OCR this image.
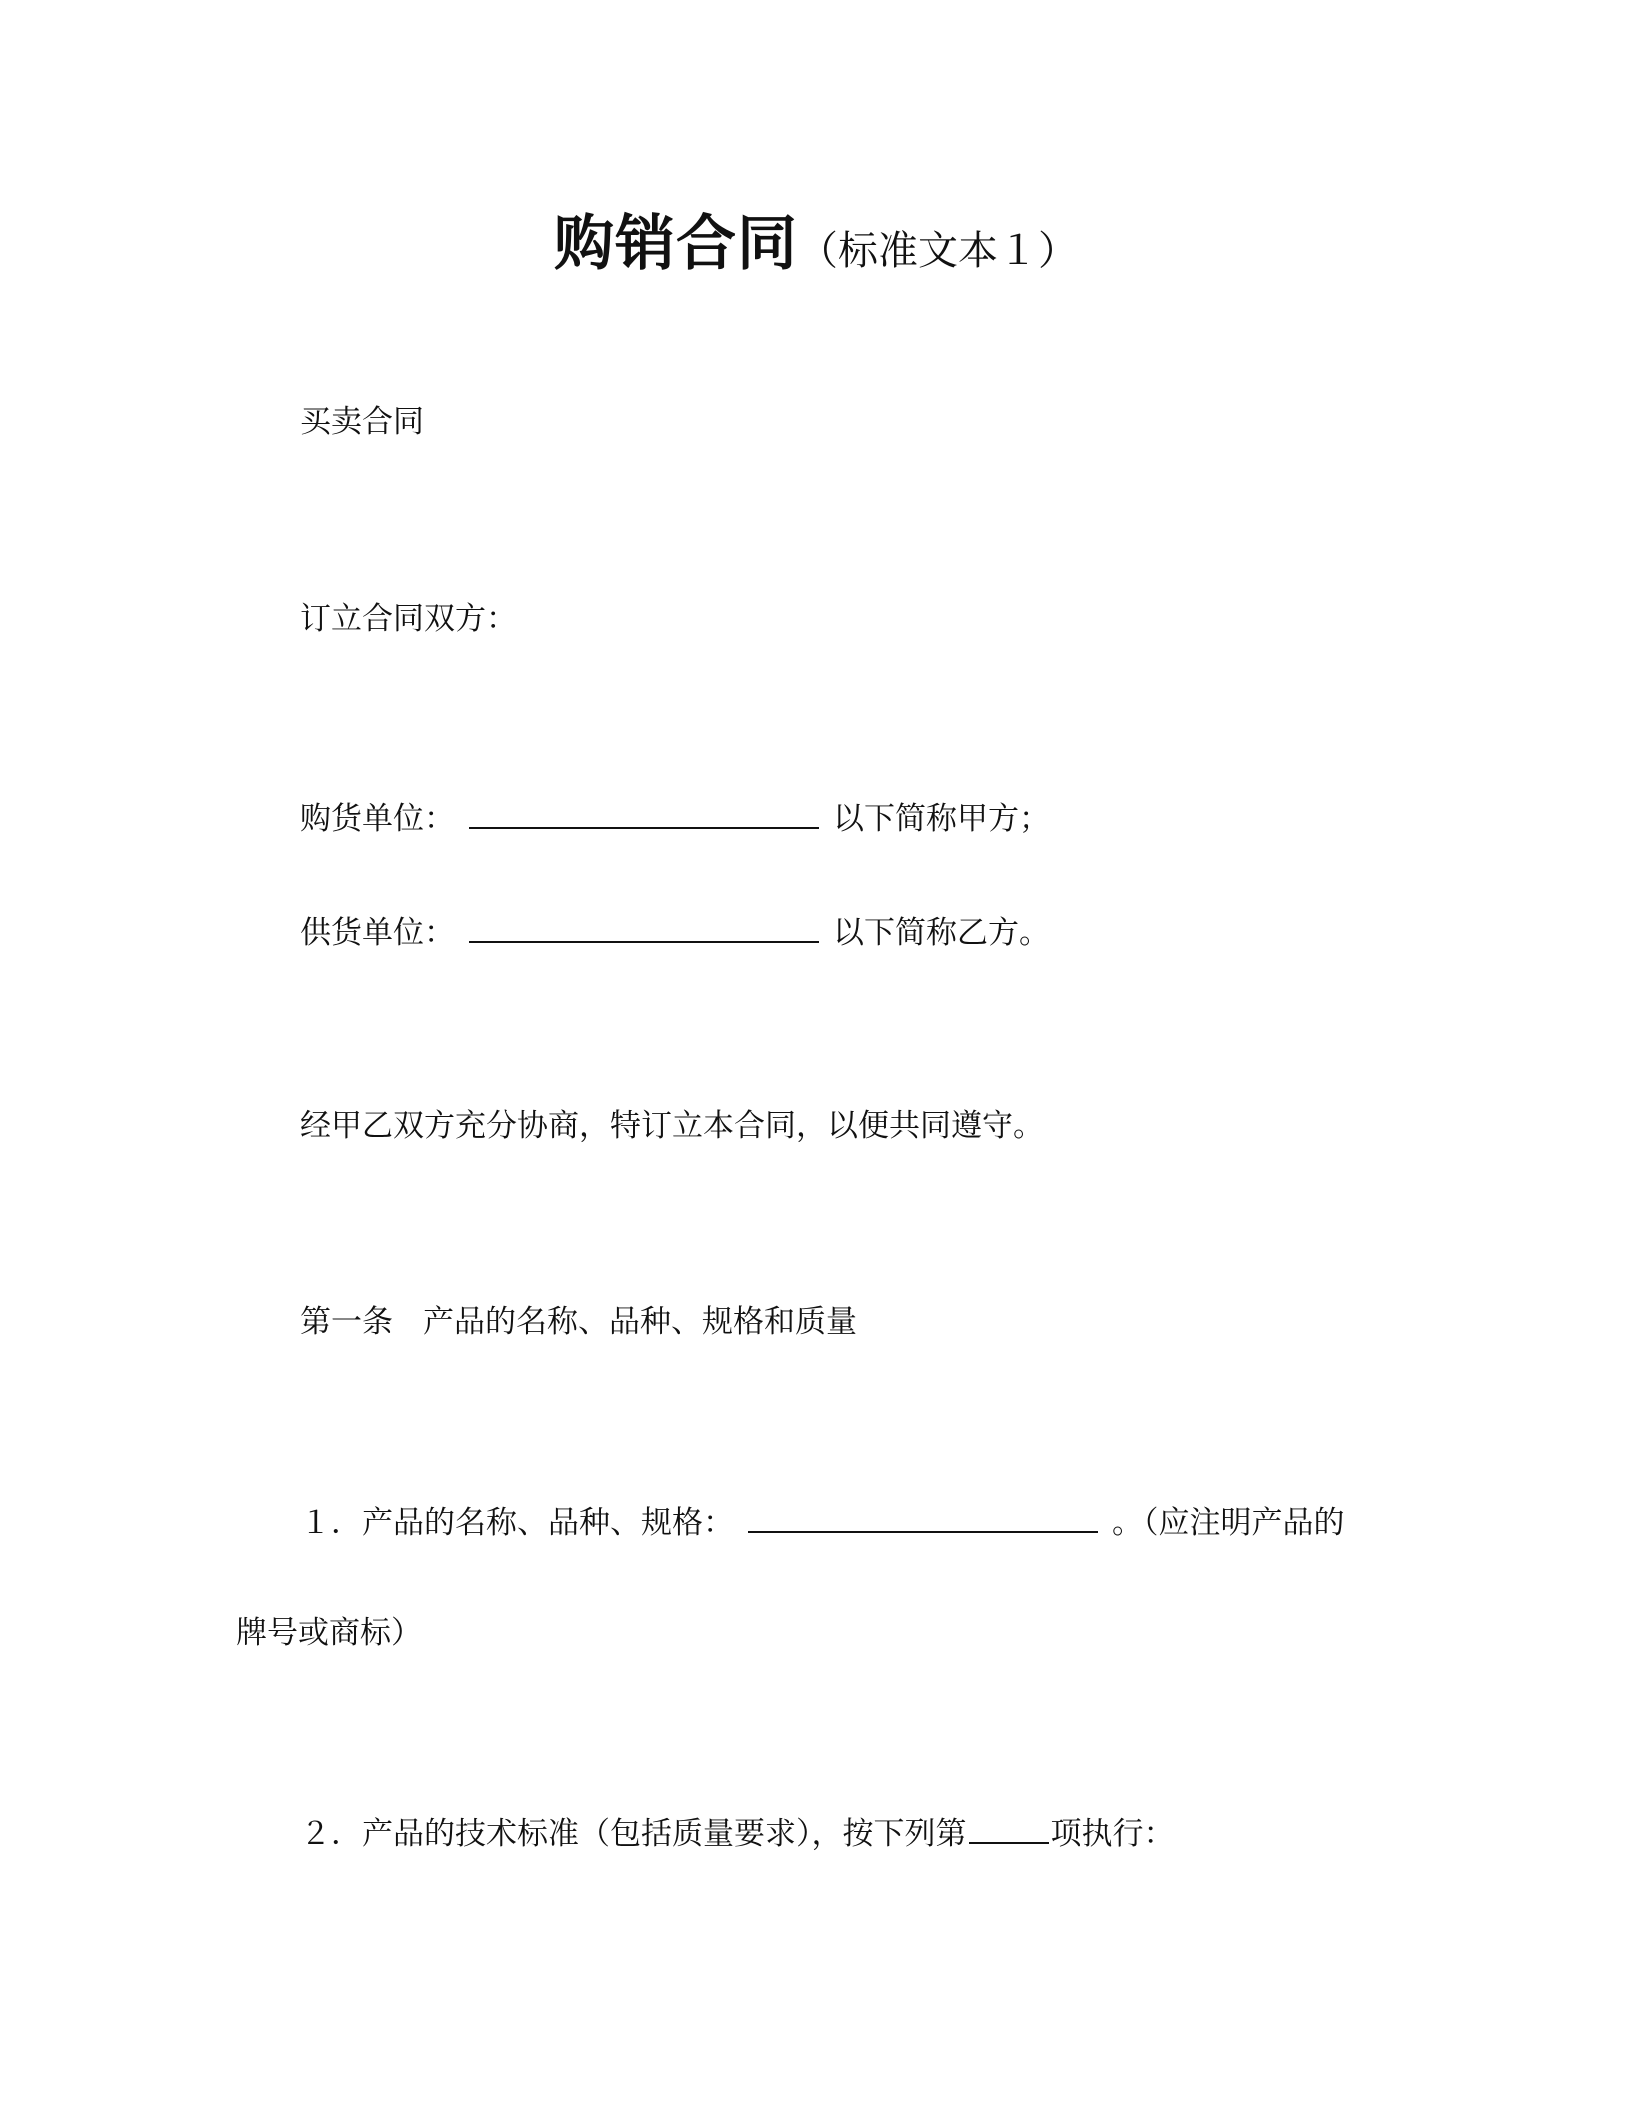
购销合同（标准文本１）
买卖合同
订立合同双方：
购货单位：	以下简称甲方；
供货单位：	以下简称乙方。
经甲乙双方充分协商，特订立本合同，以便共同遵守。
第一条 产品的名称、品种、规格和质量
１．产品的名称、品种、规格：	。（应注明产品的
牌号或商标）
２．产品的技术标准（包括质量要求），按下列第	项执行：
